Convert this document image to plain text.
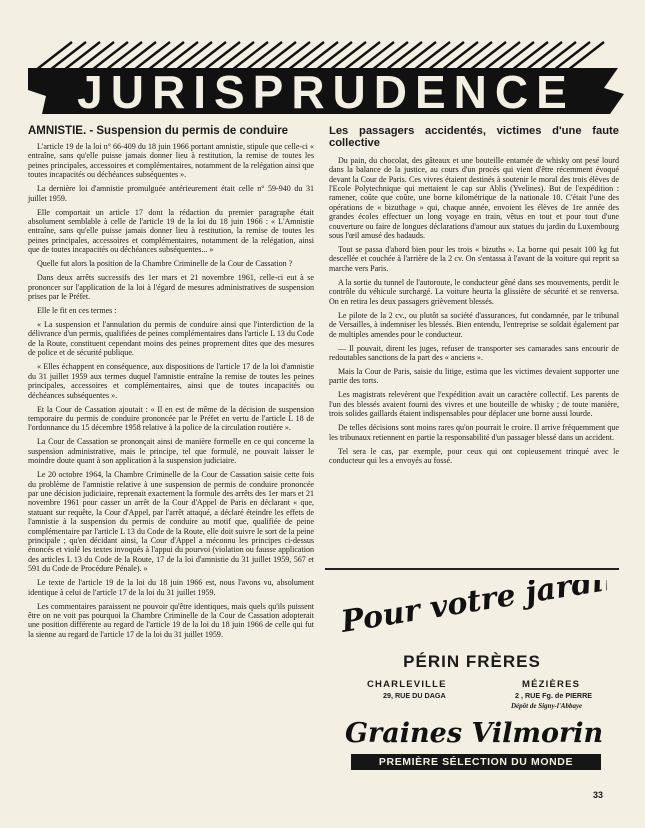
JURISPRUDENCE
AMNISTIE. - Suspension du permis de conduire

L'article 19 de la loi n° 66-409 du 18 juin 1966 portant amnistie, stipule que celle-ci « entraîne, sans qu'elle puisse jamais donner lieu à restitution, la remise de toutes les peines principales, accessoires et complémentaires, notamment de la relégation ainsi que toutes incapacités ou déchéances subséquentes ».

La dernière loi d'amnistie promulguée antérieurement était celle n° 59-940 du 31 juillet 1959.

Elle comportait un article 17 dont la rédaction du premier paragraphe était absolument semblable à celle de l'article 19 de la loi du 18 juin 1966 : « L'Amnistie entraîne, sans qu'elle puisse jamais donner lieu à restitution, la remise de toutes les peines principales, accessoires et complémentaires, notamment de la relégation, ainsi que de toutes incapacités ou déchéances subséquentes... »

Quelle fut alors la position de la Chambre Criminelle de la Cour de Cassation ?

Dans deux arrêts successifs des 1er mars et 21 novembre 1961, celle-ci eut à se prononcer sur l'application de la loi à l'égard de mesures administratives de suspension prises par le Préfet.

Elle le fit en ces termes :

« La suspension et l'annulation du permis de conduire ainsi que l'interdiction de la délivrance d'un permis, qualifiées de peines complémentaires dans l'article L 13 du Code de la Route, constituent cependant moins des peines proprement dites que des mesures de police et de sécurité publique.

« Elles échappent en conséquence, aux dispositions de l'article 17 de la loi d'amnistie du 31 juillet 1959 aux termes duquel l'amnistie entraîne la remise de toutes les peines principales, accessoires et complémentaires, ainsi que de toutes incapacités ou déchéances subséquentes ».

Et la Cour de Cassation ajoutait : « Il en est de même de la décision de suspension temporaire du permis de conduire prononcée par le Préfet en vertu de l'article L 18 de l'ordonnance du 15 décembre 1958 relative à la police de la circulation routière ».

La Cour de Cassation se prononçait ainsi de manière formelle en ce qui concerne la suspension administrative, mais le principe, tel que formulé, ne pouvait laisser le moindre doute quant à son application à la suspension judiciaire.

Le 20 octobre 1964, la Chambre Criminelle de la Cour de Cassation saisie cette fois du problème de l'amnistie relative à une suspension de permis de conduire prononcée par une décision judiciaire, reprenait exactement la formule des arrêts des 1er mars et 21 novembre 1961 pour casser un arrêt de la Cour d'Appel de Paris en déclarant « que, statuant sur requête, la Cour d'Appel, par l'arrêt attaqué, a déclaré éteindre les effets de l'amnistie à la suspension du permis de conduire au motif que, qualifiée de peine complémentaire par l'article L 13 du Code de la Route, elle doit suivre le sort de la peine principale ; qu'en décidant ainsi, la Cour d'Appel a méconnu les principes ci-dessus énoncés et violé les textes invoqués à l'appui du pourvoi (violation ou fausse application des articles L 13 du Code de la Route, 17 de la loi d'amnistie du 31 juillet 1959, 567 et 591 du Code de Procédure Pénale). »

Le texte de l'article 19 de la loi du 18 juin 1966 est, nous l'avons vu, absolument identique à celui de l'article 17 de la loi du 31 juillet 1959.

Les commentaires paraissent ne pouvoir qu'être identiques, mais quels qu'ils puissent être on ne voit pas pourquoi la Chambre Criminelle de la Cour de Cassation adopterait une position différente au regard de l'article 19 de la loi du 18 juin 1966 de celle qui fut la sienne au regard de l'article 17 de la loi du 31 juillet 1959.

Les passagers accidentés, victimes d'une faute collective

Du pain, du chocolat, des gâteaux et une bouteille entamée de whisky ont pesé lourd dans la balance de la justice, au cours d'un procès qui vient d'être récemment évoqué devant la Cour de Paris. Ces vivres étaient destinés à soutenir le moral des trois élèves de l'Ecole Polytechnique qui mettaient le cap sur Ablis (Yvelines). But de l'expédition : ramener, coûte que coûte, une borne kilométrique de la nationale 10. C'était l'une des opérations de « bizuthage » qui, chaque année, envoient les élèves de 1re année des grandes écoles effectuer un long voyage en train, vêtus en tout et pour tout d'une couverture ou faire de longues déclarations d'amour aux statues du jardin du Luxembourg sous l'œil amusé des badauds.

Tout se passa d'abord bien pour les trois « bizuths ». La borne qui pesait 100 kg fut descellée et couchée à l'arrière de la 2 cv. On s'entassa à l'avant de la voiture qui reprit sa marche vers Paris.

A la sortie du tunnel de l'autoroute, le conducteur gêné dans ses mouvements, perdit le contrôle du véhicule surchargé. La voiture heurta la glissière de sécurité et se renversa. On en retira les deux passagers grièvement blessés.

Le pilote de la 2 cv., ou plutôt sa société d'assurances, fut condamnée, par le tribunal de Versailles, à indemniser les blessés. Bien entendu, l'entreprise se soldait également par de multiples amendes pour le conducteur.

— Il pouvait, dirent les juges, refuser de transporter ses camarades sans encourir de redoutables sanctions de la part des « anciens ».

Mais la Cour de Paris, saisie du litige, estima que les victimes devaient supporter une partie des torts.

Les magistrats relevèrent que l'expédition avait un caractère collectif. Les parents de l'un des blessés avaient fourni des vivres et une bouteille de whisky ; de toute manière, trois solides gaillards étaient indispensables pour déplacer une borne aussi lourde.

De telles décisions sont moins rares qu'on pourrait le croire. Il arrive fréquemment que les tribunaux retiennent en partie la responsabilité d'un passager blessé dans un accident.

Tel sera le cas, par exemple, pour ceux qui ont copieusement trinqué avec le conducteur qui les a envoyés au fossé.

Pour votre jardin
PÉRIN FRÈRES
CHARLEVILLE
29, RUE DU DAGA
MÉZIÈRES
2 , RUE Fg. de PIERRE
Dépôt de Signy-l'Abbaye
Graines Vilmorin
PREMIÈRE SÉLECTION DU MONDE
33
